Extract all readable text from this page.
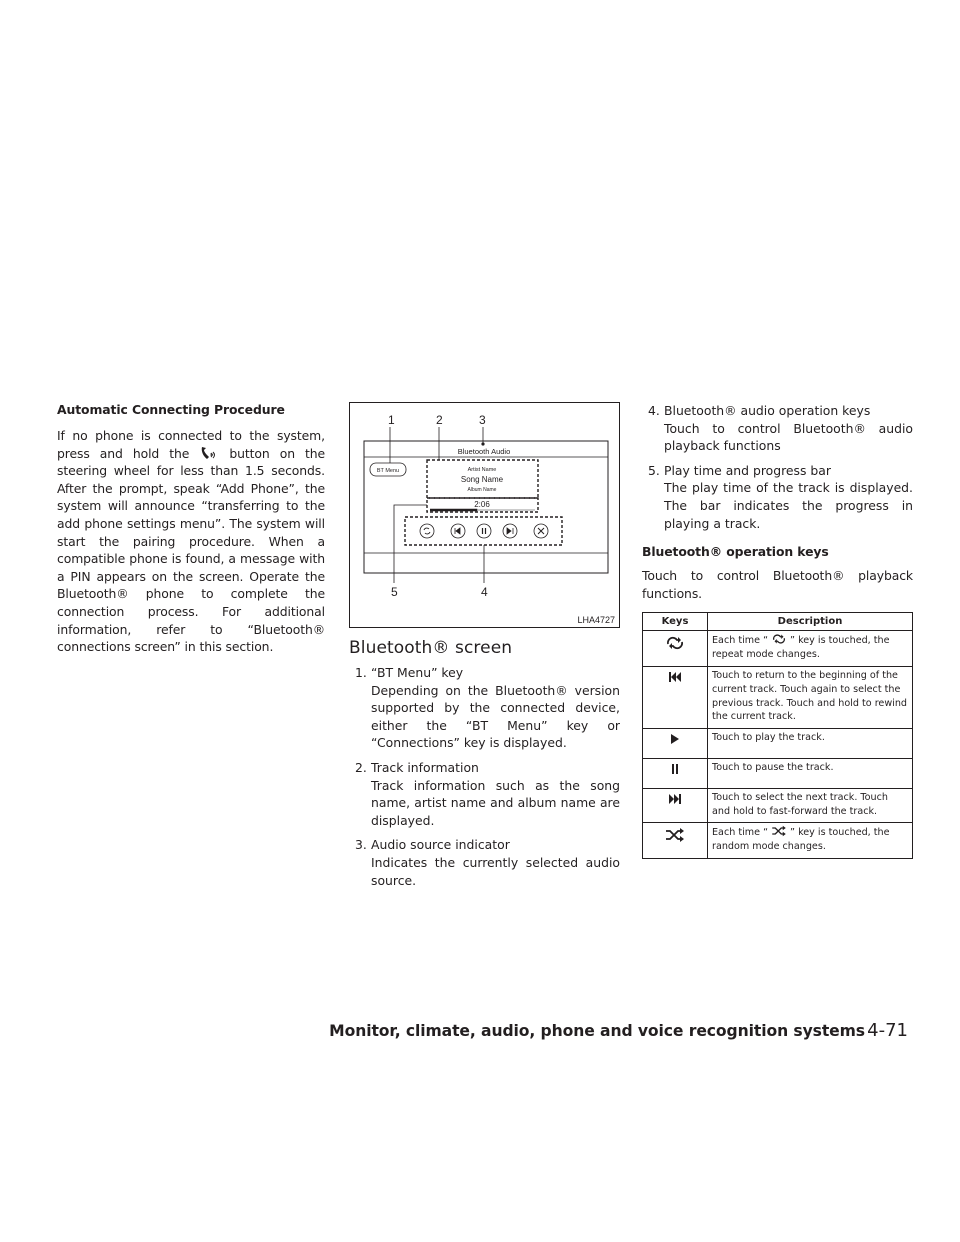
Automatic Connecting Procedure

If no phone is connected to the system, press and hold the	w button on the steering wheel for less than 1.5 seconds. After the prompt, speak “Add Phone”, the system will announce “transferring to the add phone settings menu”. The system will start the pairing procedure. When a compatible phone is found, a message with a PIN appears on the screen. Operate the Bluetooth® phone to complete the connection process. For additional information, refer to “Bluetooth® connections screen” in this section.

1	2	3
5	4
Bluetooth Audio
BT Menu	Artist Name
Song Name
Album Name
2:06
LHA4727
Bluetooth® screen
1. “BT Menu” key
Depending on the Bluetooth® version supported by the connected device, either the “BT Menu” key or “Connections” key is displayed.
2. Track information
Track information such as the song name, artist name and album name are displayed.
3. Audio source indicator
Indicates the currently selected audio source.
4. Bluetooth® audio operation keys
Touch to control Bluetooth® audio playback functions
5. Play time and progress bar
The play time of the track is displayed. The bar indicates the progress in playing a track.

Bluetooth® operation keys

Touch to control Bluetooth® playback functions.

Keys	Description
	Each time “ ” key is touched, the repeat mode changes.
	Touch to return to the beginning of the current track. Touch again to select the previous track. Touch and hold to rewind the current track.
	Touch to play the track.
	Touch to pause the track.
	Touch to select the next track. Touch and hold to fast-forward the track.
	Each time “ ” key is touched, the random mode changes.
Monitor, climate, audio, phone and voice recognition systems 4-71
